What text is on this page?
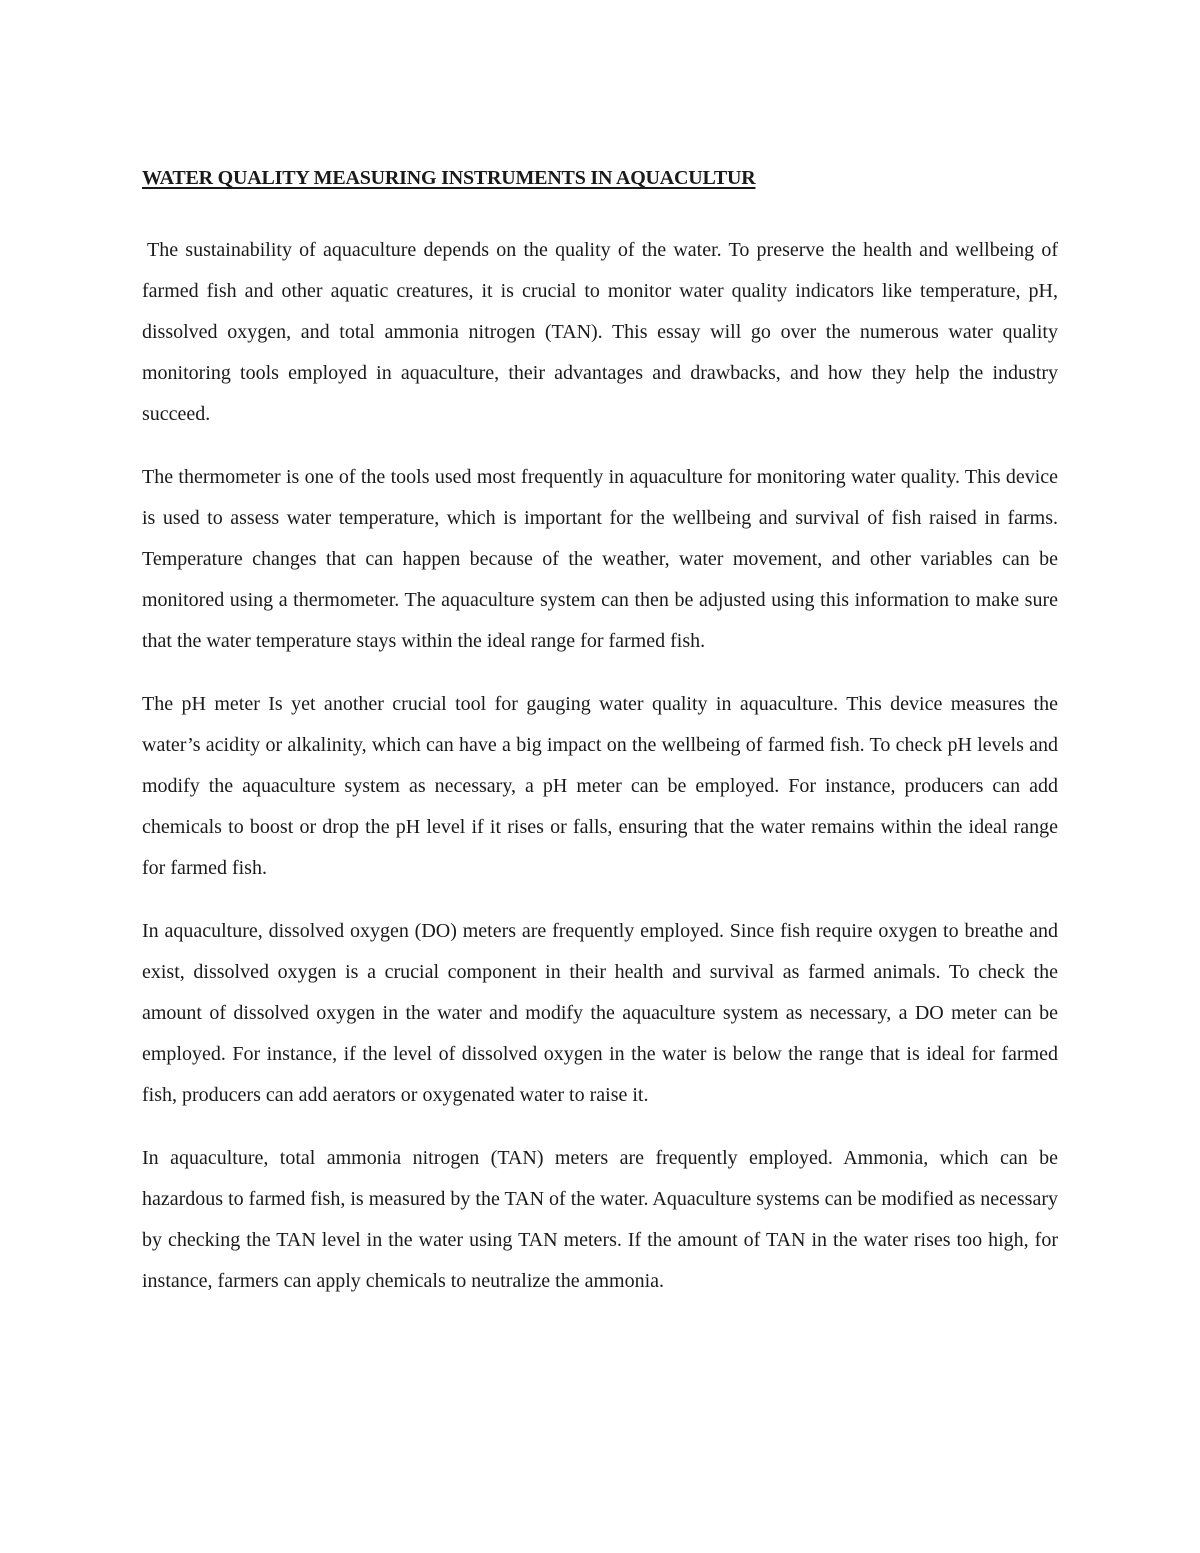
WATER QUALITY MEASURING INSTRUMENTS IN AQUACULTUR

The sustainability of aquaculture depends on the quality of the water. To preserve the health and wellbeing of farmed fish and other aquatic creatures, it is crucial to monitor water quality indicators like temperature, pH, dissolved oxygen, and total ammonia nitrogen (TAN). This essay will go over the numerous water quality monitoring tools employed in aquaculture, their advantages and drawbacks, and how they help the industry succeed.

The thermometer is one of the tools used most frequently in aquaculture for monitoring water quality. This device is used to assess water temperature, which is important for the wellbeing and survival of fish raised in farms. Temperature changes that can happen because of the weather, water movement, and other variables can be monitored using a thermometer. The aquaculture system can then be adjusted using this information to make sure that the water temperature stays within the ideal range for farmed fish.

The pH meter Is yet another crucial tool for gauging water quality in aquaculture. This device measures the water’s acidity or alkalinity, which can have a big impact on the wellbeing of farmed fish. To check pH levels and modify the aquaculture system as necessary, a pH meter can be employed. For instance, producers can add chemicals to boost or drop the pH level if it rises or falls, ensuring that the water remains within the ideal range for farmed fish.

In aquaculture, dissolved oxygen (DO) meters are frequently employed. Since fish require oxygen to breathe and exist, dissolved oxygen is a crucial component in their health and survival as farmed animals. To check the amount of dissolved oxygen in the water and modify the aquaculture system as necessary, a DO meter can be employed. For instance, if the level of dissolved oxygen in the water is below the range that is ideal for farmed fish, producers can add aerators or oxygenated water to raise it.

In aquaculture, total ammonia nitrogen (TAN) meters are frequently employed. Ammonia, which can be hazardous to farmed fish, is measured by the TAN of the water. Aquaculture systems can be modified as necessary by checking the TAN level in the water using TAN meters. If the amount of TAN in the water rises too high, for instance, farmers can apply chemicals to neutralize the ammonia.
